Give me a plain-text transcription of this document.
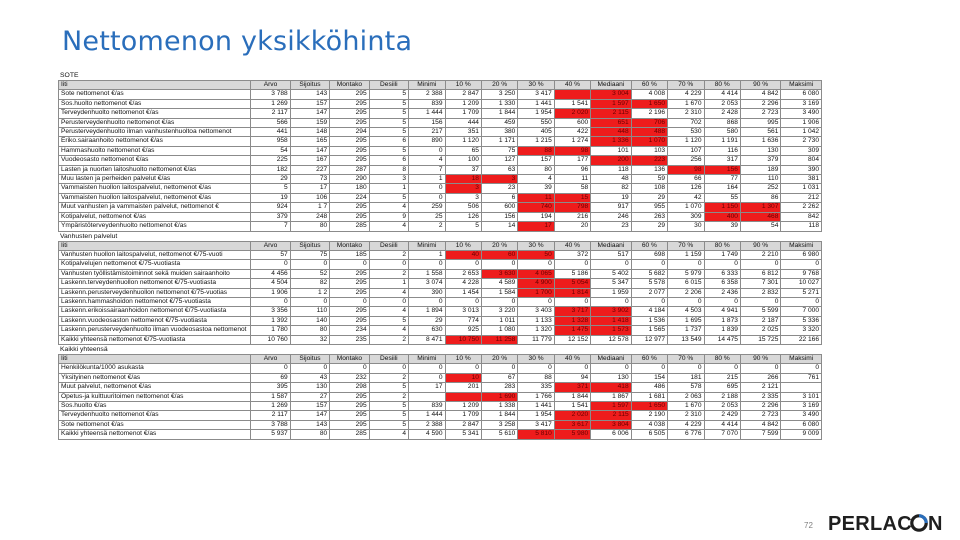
Nettomenon yksikköhinta
SOTE
Iiti	Arvo	Sijoitus	Montako	Desiili	Minimi	10 %	20 %	30 %	40 %	Mediaani	60 %	70 %	80 %	90 %	Maksimi
Sote nettomenot €/as	3 788	143	295	5	2 388	2 847	3 250	3 417		3 004	4 008	4 229	4 414	4 842	6 080
Sos.huolto nettomenot €/as	1 269	157	295	5	839	1 209	1 330	1 441	1 541	1 597	1 650	1 670	2 053	2 296	3 169
Terveydenhuolto nettomenot €/as	2 117	147	295	5	1 444	1 709	1 844	1 954	2 020	2 115	2 196	2 310	2 428	2 723	3 490
Perusterveydenhuolto nettomenot €/as	566	159	295	5	156	444	459	550	600	651	706	702	868	995	1 906
Perusterveydenhuolto ilman vanhustenhuoltoa nettomenot	441	148	294	5	217	351	380	405	422	448	488	530	580	561	1 042
Eriko.sairaanhoito nettomenot €/as	958	165	295	6	890	1 120	1 171	1 215	1 274	1 336	1 070	1 120	1 191	1 636	2 730
Hammashuolto nettomenot €/as	54	147	295	5	0	65	75	88	98	101	103	107	116	130	309
Vuodeosasto nettomenot €/as	225	167	295	6	4	100	127	157	177	200	223	256	317	379	804
Lasten ja nuorten laitoshuolto nettomenot €/as	182	227	287	8	7	37	63	80	96	118	136	98	156	189	390
Muu lasten ja perheiden palvelut €/as	29	73	290	3	1	18	3	4	11	48	59	66	77	110	381
Vammaisten huollon laitospalvelut, nettomenot €/as	5	17	180	1	0	3	23	39	58	82	108	126	164	252	1 031
Vammaisten huollon laitospalvelut, nettomenot €/as	19	106	224	5	0	3	6	11	15	19	29	42	55	86	212
Muut vanhusten ja vammaisten palvelut, nettomenot €	924	1 7	295	4	259	506	600	740	798	917	955	1 070	1 150	1 307	2 262
Kotipalvelut, nettomenot €/as	379	248	295	9	25	126	156	194	216	246	263	309	400	468	842
Ympäristöterveydenhuolto nettomenot €/as	7	80	285	4	2	5	14	17	20	23	29	30	39	54	118
Vanhusten palvelut
Iiti	Arvo	Sijoitus	Montako	Desiili	Minimi	10 %	20 %	30 %	40 %	Mediaani	60 %	70 %	80 %	90 %	Maksimi
Vanhusten huollon laitospalvelut, nettomenot €/75-vuoti	57	75	185	2	1	40	60	50	372	517	698	1 159	1 749	2 210	6 980
Kotipalvelujen nettomenot €/75-vuotiasta	0	0	0	0	0	0	0	0	0	0	0	0	0	0	0
Vanhusten työllistämistoiminnot sekä muiden sairaanhoito	4 456	52	295	2	1 558	2 653	3 630	4 065	5 186	5 402	5 682	5 979	6 333	6 812	9 768
Laskenn.terveydenhuollon nettomenot €/75-vuotiasta	4 504	82	295	1	3 074	4 228	4 589	4 900	5 054	5 347	5 578	6 015	6 358	7 301	10 027
Laskenn.perusterveydenhuollon nettomenot €/75-vuotias	1 906	1 2	295	4	390	1 454	1 584	1 700	1 814	1 959	2 077	2 206	2 436	2 832	5 271
Laskenn.hammashoidon nettomenot €/75-vuotiasta	0	0	0	0	0	0	0	0	0	0	0	0	0	0	0
Laskenn.erikoissairaanhoidon nettomenot €/75-vuotiasta	3 356	110	295	4	1 894	3 013	3 220	3 403	3 717	3 902	4 184	4 503	4 941	5 599	7 000
Laskenn.vuodeosaston nettomenot €/75-vuotiasta	1 392	140	295	5	29	774	1 011	1 133	1 328	1 418	1 536	1 695	1 873	2 187	5 336
Laskenn.perusterveydenhuolto ilman vuodeosastoa nettomenot	1 780	80	234	4	630	925	1 080	1 320	1 475	1 573	1 565	1 737	1 839	2 025	3 320
Kaikki yhteensä nettomenot €/75-vuotiasta	10 760	32	235	2	8 471	10 750	11 258	11 779	12 152	12 578	12 977	13 549	14 475	15 725	22 166
Kaikki yhteensä
Iiti	Arvo	Sijoitus	Montako	Desiili	Minimi	10 %	20 %	30 %	40 %	Mediaani	60 %	70 %	80 %	90 %	Maksimi
Henkilökunta/1000 asukasta	0	0	0	0	0	0	0	0	0	0	0	0	0	0	0
Yksityinen nettomenot €/as	69	43	232	2	0	10	67	88	94	130	154	181	215	266	761
Muut palvelut, nettomenot €/as	395	130	298	5	17	201	283	335	371	418	486	578	695	2 121	
Opetus-ja kulttuuritoimen nettomenot €/as	1 587	27	295	2			1 690	1 766	1 844	1 867	1 681	2 063	2 188	2 335	3 101
Sos.huolto €/as	1 269	157	295	5	839	1 209	1 338	1 441	1 541	1 597	1 650	1 670	2 053	2 296	3 169
Terveydenhuolto nettomenot €/as	2 117	147	295	5	1 444	1 709	1 844	1 954	2 020	2 115	2 190	2 310	2 429	2 723	3 490
Sote nettomenot €/as	3 788	143	295	5	2 388	2 847	3 258	3 417	3 617	3 804	4 038	4 229	4 414	4 842	6 080
Kaikki yhteensä nettomenot €/as	5 937	80	285	4	4 590	5 341	5 610	5 810	5 980	6 006	6 505	6 776	7 070	7 599	9 009
72 PERLAC N
